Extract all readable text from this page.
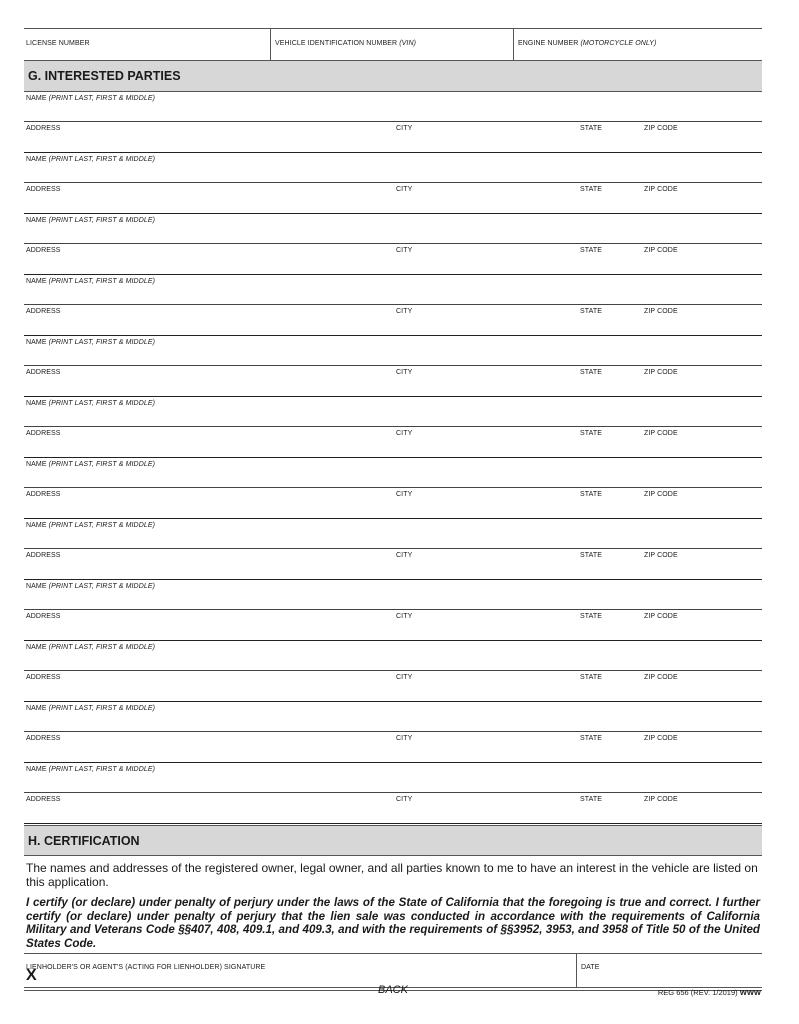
LICENSE NUMBER	VEHICLE IDENTIFICATION NUMBER (VIN)	ENGINE NUMBER (MOTORCYCLE ONLY)
G. INTERESTED PARTIES
NAME (PRINT LAST, FIRST & MIDDLE)
ADDRESS	CITY	STATE	ZIP CODE
NAME (PRINT LAST, FIRST & MIDDLE)
ADDRESS	CITY	STATE	ZIP CODE
NAME (PRINT LAST, FIRST & MIDDLE)
ADDRESS	CITY	STATE	ZIP CODE
NAME (PRINT LAST, FIRST & MIDDLE)
ADDRESS	CITY	STATE	ZIP CODE
NAME (PRINT LAST, FIRST & MIDDLE)
ADDRESS	CITY	STATE	ZIP CODE
NAME (PRINT LAST, FIRST & MIDDLE)
ADDRESS	CITY	STATE	ZIP CODE
NAME (PRINT LAST, FIRST & MIDDLE)
ADDRESS	CITY	STATE	ZIP CODE
NAME (PRINT LAST, FIRST & MIDDLE)
ADDRESS	CITY	STATE	ZIP CODE
NAME (PRINT LAST, FIRST & MIDDLE)
ADDRESS	CITY	STATE	ZIP CODE
NAME (PRINT LAST, FIRST & MIDDLE)
ADDRESS	CITY	STATE	ZIP CODE
NAME (PRINT LAST, FIRST & MIDDLE)
ADDRESS	CITY	STATE	ZIP CODE
NAME (PRINT LAST, FIRST & MIDDLE)
ADDRESS	CITY	STATE	ZIP CODE
H. CERTIFICATION

The names and addresses of the registered owner, legal owner, and all parties known to me to have an interest in the vehicle are listed on this application.

I certify (or declare) under penalty of perjury under the laws of the State of California that the foregoing is true and correct. I further certify (or declare) under penalty of perjury that the lien sale was conducted in accordance with the requirements of California Military and Veterans Code §§407, 408, 409.1, and 409.3, and with the requirements of §§3952, 3953, and 3958 of Title 50 of the United States Code.

LIENHOLDER'S OR AGENT'S (ACTING FOR LIENHOLDER) SIGNATURE
X	DATE
BACK	REG 656 (REV. 1/2019) WWW
